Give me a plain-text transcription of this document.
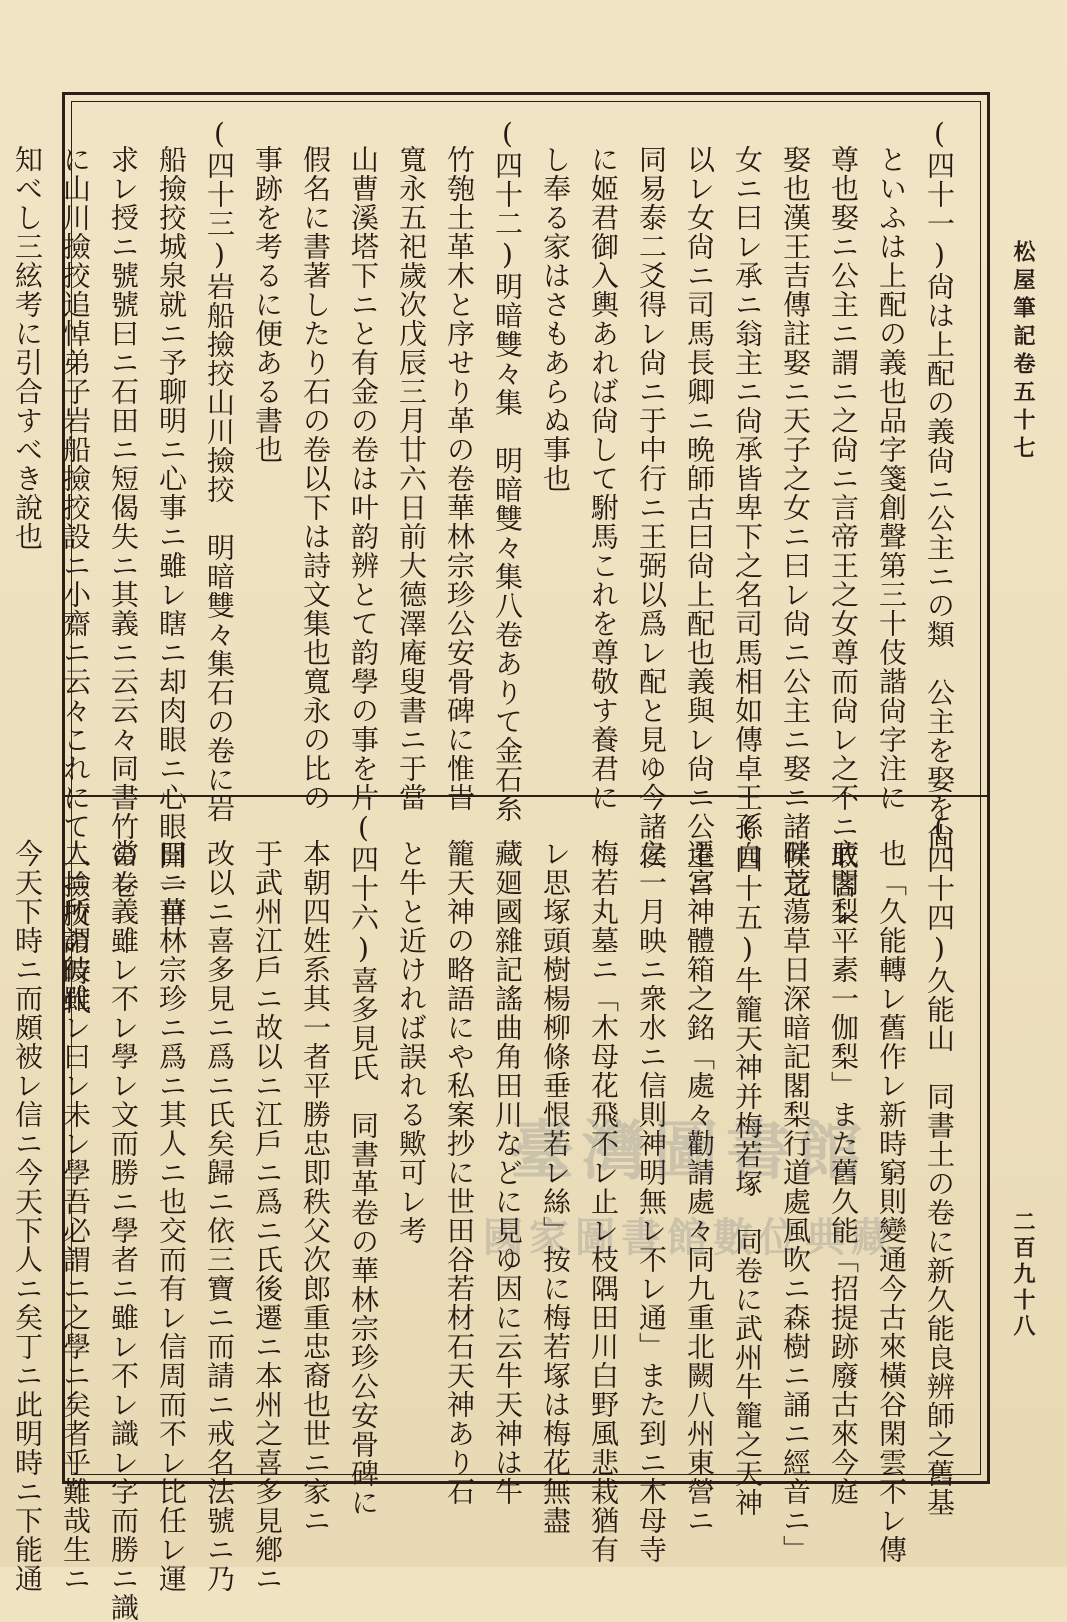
松屋筆記卷五十七
二百九十八
(四十一)尙は上配の義尙ニ公主ニの類　公主を娶を尙
といふは上配の義也品字箋創聲第三十伎諧尙字注に
尊也娶ニ公主ニ謂ニ之尙ニ言帝王之女尊而尙レ之不ニ敢言レ
娶也漢王吉傳註娶ニ天子之女ニ曰レ尙ニ公主ニ娶ニ諸侯之
女ニ曰レ承ニ翁主ニ尙承皆卑下之名司馬相如傳卓王孫自
以レ女尙ニ司馬長卿ニ晩師古曰尙上配也義與レ尙ニ公主ニ
同易泰二爻得レ尙ニ于中行ニ王弼以爲レ配と見ゆ今諸侯
に姬君御入輿あれば尙して駙馬これを尊敬す養君に
し奉る家はさもあらぬ事也
(四十二)明暗雙々集　明暗雙々集八卷ありて金石糸
竹匏土革木と序せり革の卷華林宗珍公安骨碑に惟旹
寬永五祀歲次戊辰三月廿六日前大德澤庵叟書ニ于當
山曹溪塔下ニと有金の卷は叶韵辨とて韵學の事を片
假名に書著したり石の卷以下は詩文集也寬永の比の
事跡を考るに便ある書也
(四十三)岩船撿挍山川撿挍　明暗雙々集石の卷に岩
船撿挍城泉就ニ予聊明ニ心事ニ雖レ瞎ニ却肉眼ニ心眼開一日
求レ授ニ號號曰ニ石田ニ短偈失ニ其義ニ云云々同書竹の卷
に山川撿挍追悼弟子岩船撿挍設ニ小齋ニ云々これにて二撿挍の時代
知べし三絃考に引合すべき說也
(四十四)久能山　同書土の卷に新久能良辨師之舊基
也「久能轉レ舊作レ新時窮則變通今古來橫谷閑雲不レ傳
底閣梨平素一伽梨」また舊久能「招提跡廢古來今庭
畔荒蕩草日深暗記閣梨行道處風吹ニ森樹ニ誦ニ經音ニ」
(四十五)牛籠天神并梅若塚　同卷に武州牛籠之天神
遷宮神體箱之銘「處々勸請處々同九重北闕八州東營ニ
之一月映ニ衆水ニ信則神明無レ不レ通」また到ニ木母寺
梅若丸墓ニ「木母花飛不レ止レ枝隅田川白野風悲栽猶有
レ思塚頭樹楊柳條垂恨若レ絲」按に梅若塚は梅花無盡
藏廻國雜記謠曲角田川などに見ゆ因に云牛天神は牛
籠天神の略語にや私案抄に世田谷若材石天神あり石
と牛と近ければ誤れる歟可レ考
(四十六)喜多見氏　同書革卷の華林宗珍公安骨碑に
本朝四姓系其一者平勝忠即秩父次郎重忠裔也世ニ家ニ
于武州江戶ニ故以ニ江戶ニ爲ニ氏後遷ニ本州之喜多見鄕ニ
改以ニ喜多見ニ爲ニ氏矣歸ニ依三寶ニ而請ニ戒名法號ニ乃
曰ニ華林宗珍ニ爲ニ其人ニ也交而有レ信周而不レ比任レ運
當レ義雖レ不レ學レ文而勝ニ學者ニ雖レ不レ識レ字而勝ニ識
人ニ所謂彼雖レ曰レ未レ學吾必謂ニ之學ニ矣者乎難哉生ニ
今天下時ニ而頗被レ信ニ今天下人ニ矣丁ニ此明時ニ下能通	臺灣圖書館
國家圖書館數位典藏
